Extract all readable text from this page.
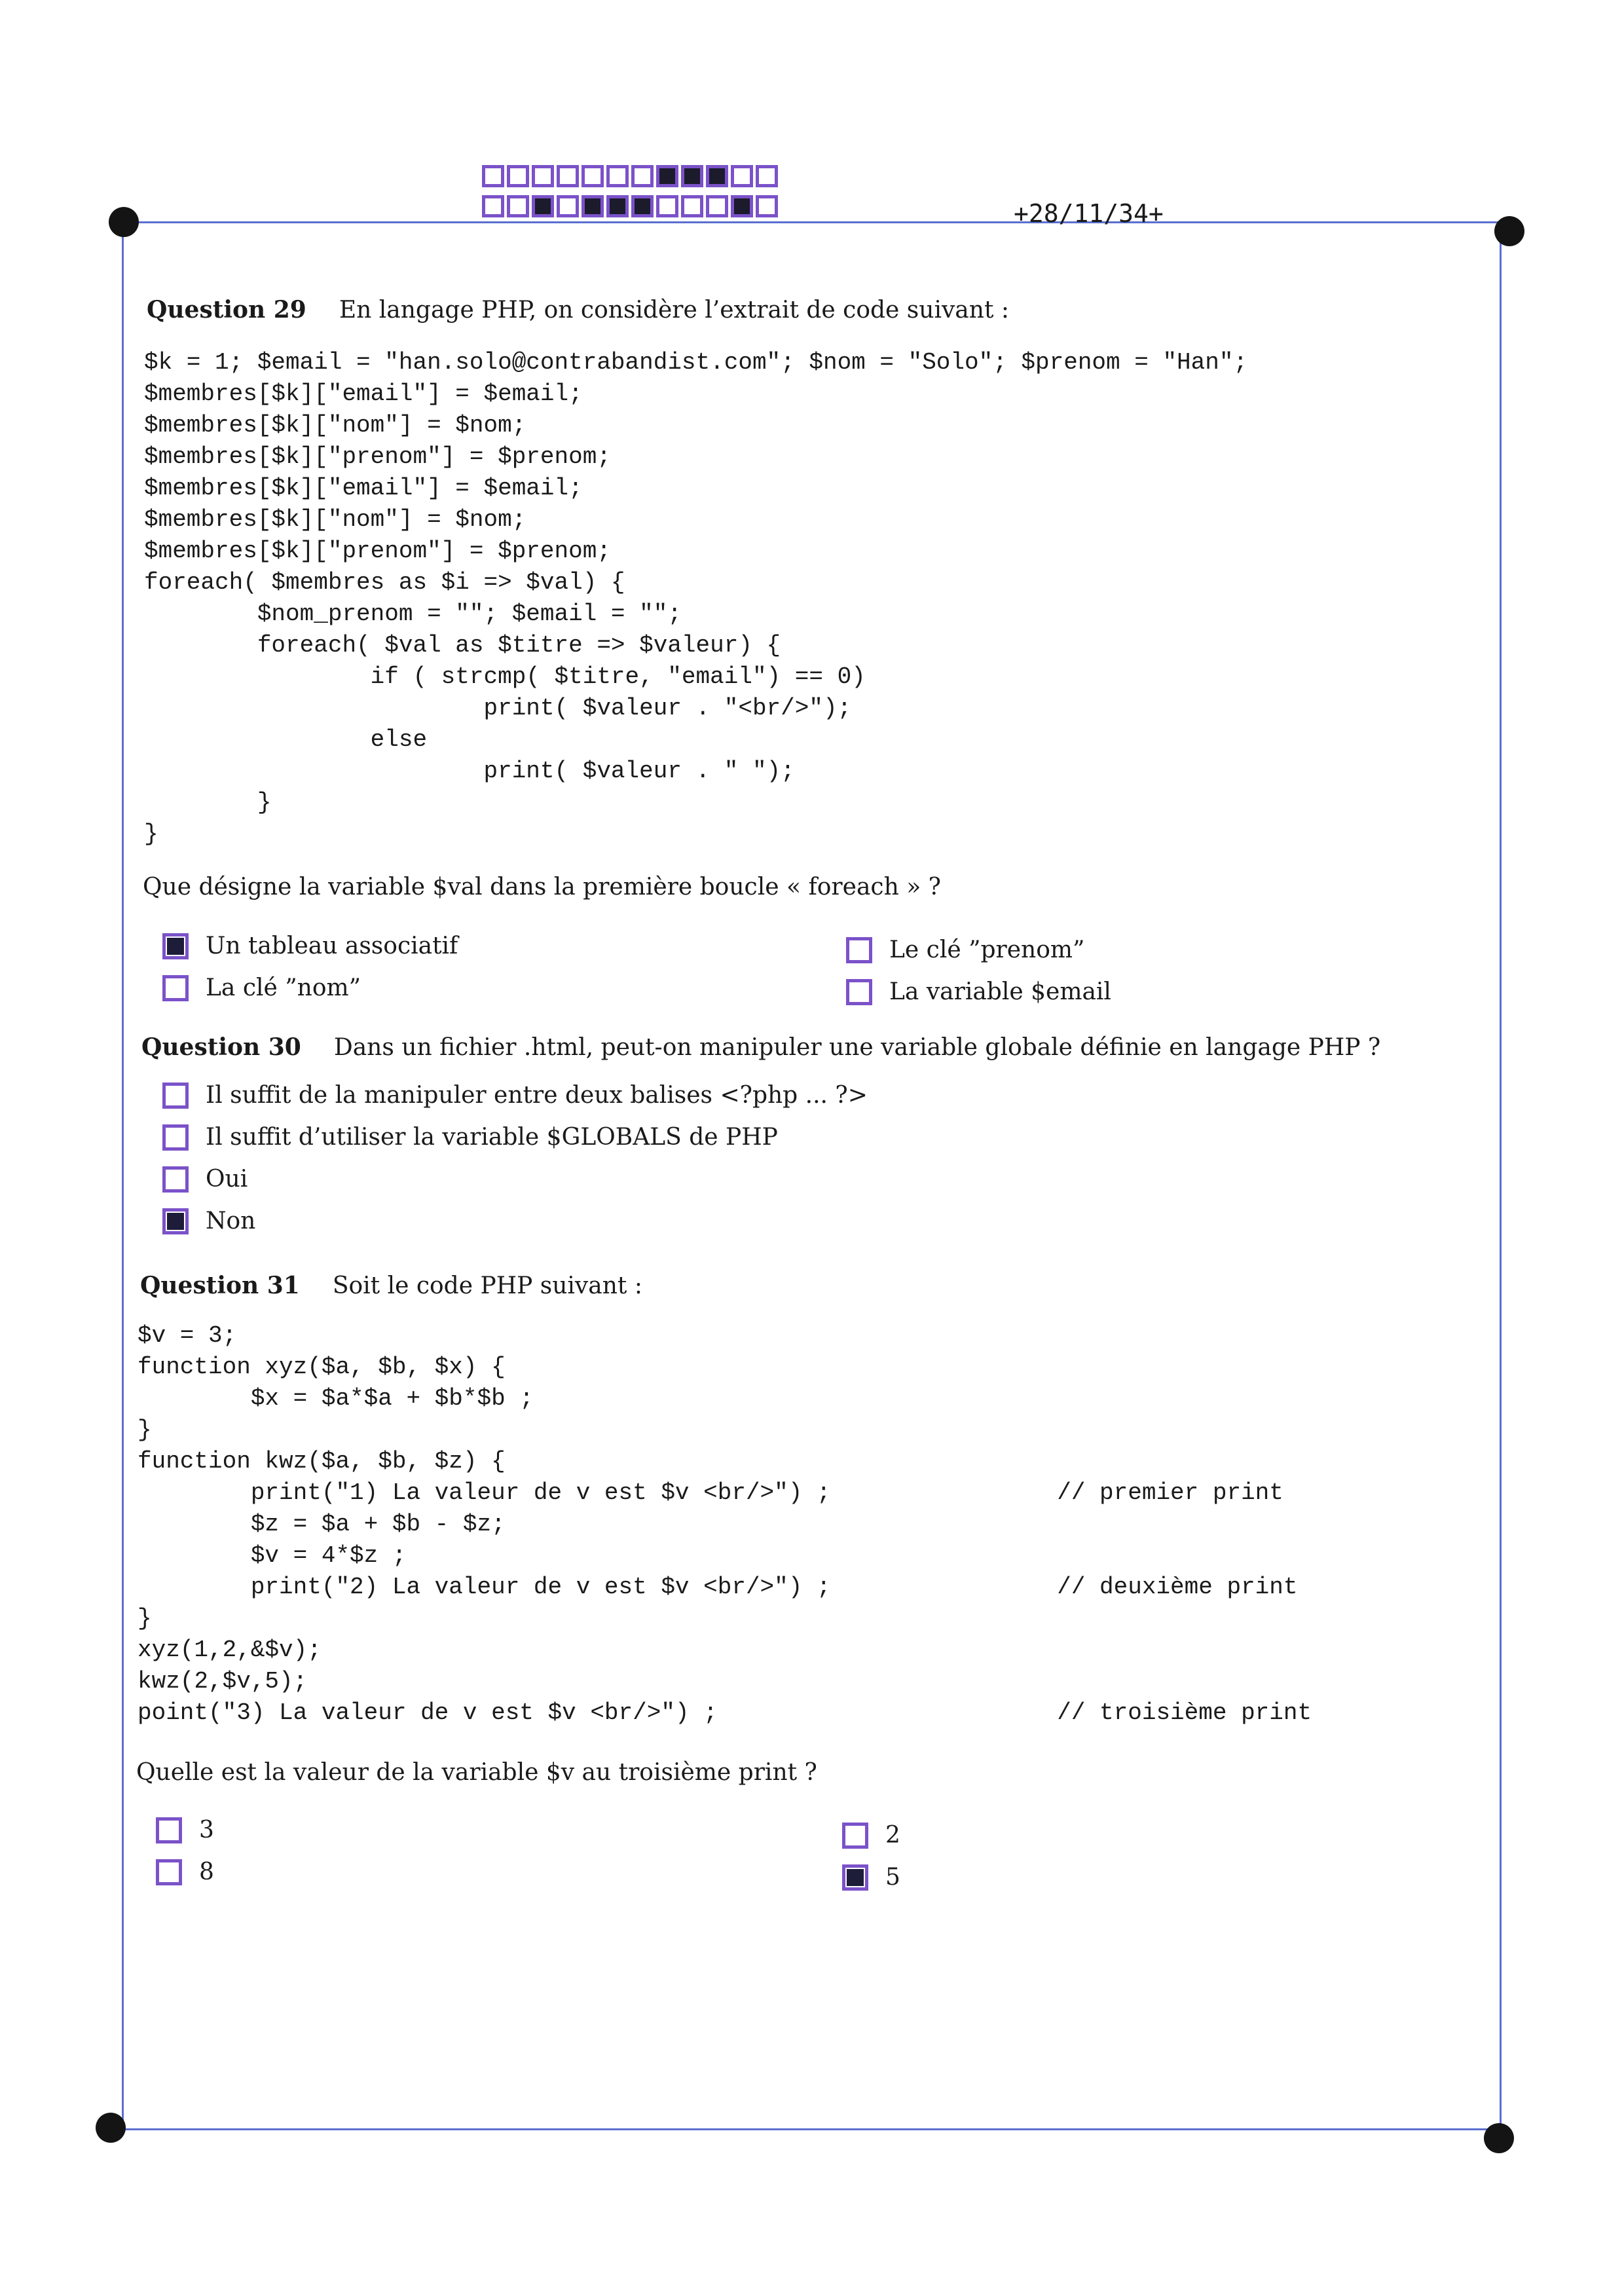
+28/11/34+
Question 29 En langage PHP, on considère l’extrait de code suivant :
$k = 1; $email = "han.solo@contrabandist.com"; $nom = "Solo"; $prenom = "Han";
$membres[$k]["email"] = $email;
$membres[$k]["nom"] = $nom;
$membres[$k]["prenom"] = $prenom;
$membres[$k]["email"] = $email;
$membres[$k]["nom"] = $nom;
$membres[$k]["prenom"] = $prenom;
foreach( $membres as $i => $val) {
$nom_prenom = ""; $email = "";
foreach( $val as $titre => $valeur) {
if ( strcmp( $titre, "email") == 0)
print( $valeur . "<br/>");
else
print( $valeur . " ");
}
}
Que désigne la variable $val dans la première boucle « foreach » ?
Un tableau associatif
La clé ”nom”
Le clé ”prenom”
La variable $email
Question 30 Dans un fichier .html, peut-on manipuler une variable globale définie en langage PHP ?
Il suffit de la manipuler entre deux balises <?php ... ?>
Il suffit d’utiliser la variable $GLOBALS de PHP
Oui
Non
Question 31 Soit le code PHP suivant :
$v = 3;
function xyz($a, $b, $x) {
$x = $a*$a + $b*$b ;
}
function kwz($a, $b, $z) {
print("1) La valeur de v est $v <br/>") ;                // premier print
$z = $a + $b - $z;
$v = 4*$z ;
print("2) La valeur de v est $v <br/>") ;                // deuxième print
}
xyz(1,2,&$v);
kwz(2,$v,5);
point("3) La valeur de v est $v <br/>") ;                        // troisième print
Quelle est la valeur de la variable $v au troisième print ?
3
8
2
5
